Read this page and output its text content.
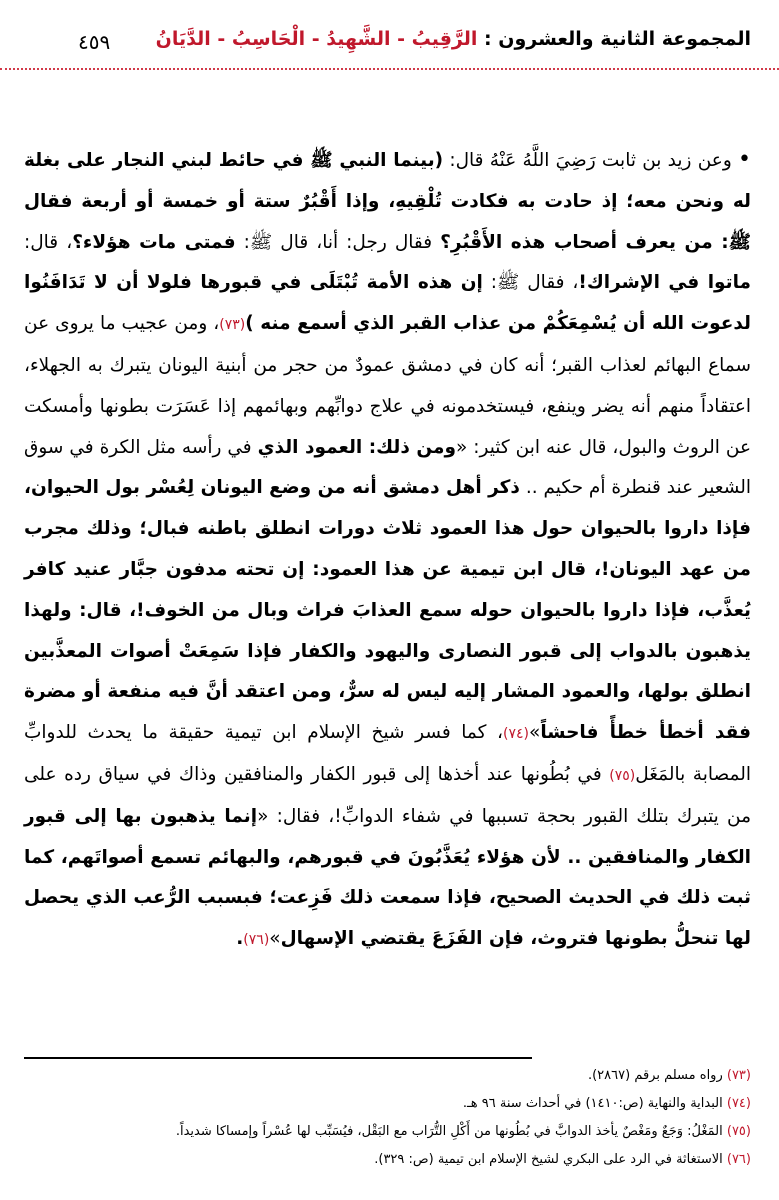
المجموعة الثانية والعشرون : الرَّقِيبُ - الشَّهِيدُ - الْحَاسِبُ - الدَّيَانُ
٤٥٩

• وعن زيد بن ثابت رَضِيَ اللَّهُ عَنْهُ قال: (بينما النبي ﷺ في حائط لبني النجار على بغلة له ونحن معه؛ إذ حادت به فكادت تُلْقِيهِ، وإذا أَقْبُرٌ ستة أو خمسة أو أربعة فقال ﷺ: من يعرف أصحاب هذه الأَقْبُرِ؟ فقال رجل: أنا، قال ﷺ: فمتى مات هؤلاء؟، قال: ماتوا في الإشراك!، فقال ﷺ: إن هذه الأمة تُبْتَلَى في قبورها فلولا أن لا تَدَافَنُوا لدعوت الله أن يُسْمِعَكُمْ من عذاب القبر الذي أسمع منه )(٧٣)، ومن عجيب ما يروى عن سماع البهائم لعذاب القبر؛ أنه كان في دمشق عمودٌ من حجر من أبنية اليونان يتبرك به الجهلاء، اعتقاداً منهم أنه يضر وينفع، فيستخدمونه في علاج دوابِّهم وبهائمهم إذا عَسَرَت بطونها وأمسكت عن الروث والبول، قال عنه ابن كثير: «ومن ذلك: العمود الذي في رأسه مثل الكرة في سوق الشعير عند قنطرة أم حكيم .. ذكر أهل دمشق أنه من وضع اليونان لِعُسْر بول الحيوان، فإذا داروا بالحيوان حول هذا العمود ثلاث دورات انطلق باطنه فبال؛ وذلك مجرب من عهد اليونان!، قال ابن تيمية عن هذا العمود: إن تحته مدفون جبَّار عنيد كافر يُعذَّب، فإذا داروا بالحيوان حوله سمع العذابَ فراث وبال من الخوف!، قال: ولهذا يذهبون بالدواب إلى قبور النصارى واليهود والكفار فإذا سَمِعَتْ أصوات المعذَّبين انطلق بولها، والعمود المشار إليه ليس له سرٌّ، ومن اعتقد أنَّ فيه منفعة أو مضرة فقد أخطأ خطأً فاحشاً»(٧٤)، كما فسر شيخ الإسلام ابن تيمية حقيقة ما يحدث للدوابِّ المصابة بالمَغَل(٧٥) في بُطُونها عند أخذها إلى قبور الكفار والمنافقين وذاك في سياق رده على من يتبرك بتلك القبور بحجة تسببها في شفاء الدوابِّ!، فقال: «إنما يذهبون بها إلى قبور الكفار والمنافقين .. لأن هؤلاء يُعَذَّبُونَ في قبورهم، والبهائم تسمع أصواتَهم، كما ثبت ذلك في الحديث الصحيح، فإذا سمعت ذلك فَزِعت؛ فبسبب الرُّعب الذي يحصل لها تنحلُّ بطونها فتروث، فإن الفَزَعَ يقتضي الإسهال»(٧٦).

(٧٣) رواه مسلم برقم (٢٨٦٧).
(٧٤) البداية والنهاية (ص:١٤١٠) في أحداث سنة ٩٦ هـ.
(٧٥) المَغْلُ: وَجَعٌ ومَغْصٌ يأخذ الدوابَّ في بُطُونها من أَكْلِ التُّرَاب مع البَقْل، فيُسَبِّب لها عُسْراً وإمساكا شديداً.
(٧٦) الاستغاثة في الرد على البكري لشيخ الإسلام ابن تيمية (ص: ٣٢٩).
